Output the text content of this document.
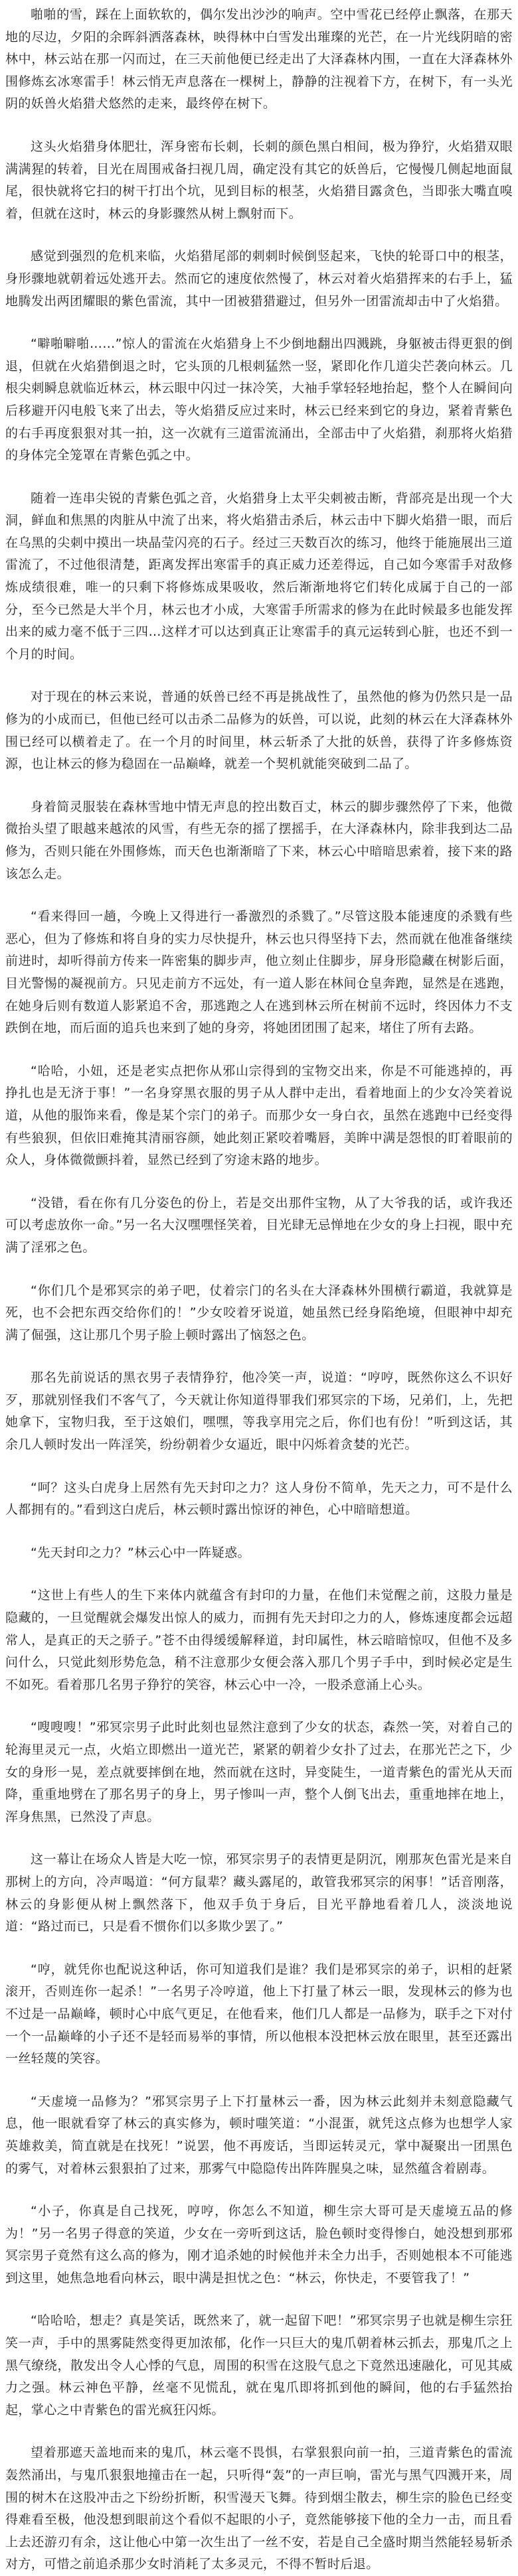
啪啪的雪，踩在上面软软的，偶尔发出沙沙的响声。空中雪花已经停止飘落，在那天地的尽边，夕阳的余晖斜洒落森林，映得林中白雪发出璀璨的光芒，在一片光线阴暗的密林中，林云站在那一闪而过，在三天前他便已经走出了大泽森林内围，一直在大泽森林外围修炼玄冰寒雷手！林云悄无声息落在一棵树上，静静的注视着下方，在树下，有一头光阴的妖兽火焰猎犬悠然的走来，最终停在树下。

这头火焰猎身体肥壮，浑身密布长刺，长刺的颜色黑白相间，极为狰狞，火焰猎双眼满满猩的转着，目光在周围戒备扫视几周，确定没有其它的妖兽后，它慢慢几侧起地面鼠尾，很快就将它扫的树干打出个坑，见到目标的根茎，火焰猎目露贪色，当即张大嘴直嗅着，但就在这时，林云的身影骤然从树上飘射而下。

感觉到强烈的危机来临，火焰猎尾部的刺刺时候倒竖起来，飞快的轮哥口中的根茎，身形骤地就朝着远处逃开去。然而它的速度依然慢了，林云对着火焰猎挥来的右手上，猛地腾发出两团耀眼的紫色雷流，其中一团被猎猎避过，但另外一团雷流却击中了火焰猎。

“噼啪噼啪……”惊人的雷流在火焰猎身上不少倒地翻出四溅跳，身躯被击得更狠的倒退，但就在火焰猎倒退之时，它头顶的几根刺猛然一竖，紧即化作几道尖芒袭向林云。几根尖刺瞬息就临近林云，林云眼中闪过一抹冷笑，大袖手掌轻轻地抬起，整个人在瞬间向后移避开闪电般飞来了出去，等火焰猎反应过来时，林云已经来到它的身边，紧着青紫色的右手再度狠狠对其一拍，这一次就有三道雷流涌出，全部击中了火焰猎，刹那将火焰猎的身体完全笼罩在青紫色弧之中。

随着一连串尖锐的青紫色弧之音，火焰猎身上太平尖刺被击断，背部亮是出现一个大洞，鲜血和焦黑的肉脏从中流了出来，将火焰猎击杀后，林云击中下脚火焰猎一眼，而后在乌黑的尖刺中摸出一块晶莹闪亮的石子。经过三天数百次的练习，他终于能施展出三道雷流了，不过他很清楚，距离发挥出寒雷手的真正威力还差得远，自己如今寒雷手对敌修炼成绩很难，唯一的只剩下将修炼成果吸收，然后渐渐地将它们转化成属于自己的一部分，至今已然是大半个月，林云也才小成，大寒雷手所需求的修为在此时候最多也能发挥出来的威力毫不低于三四…这样才可以达到真正让寒雷手的真元运转到心脏，也还不到一个月的时间。

对于现在的林云来说，普通的妖兽已经不再是挑战性了，虽然他的修为仍然只是一品修为的小成而已，但他已经可以击杀二品修为的妖兽，可以说，此刻的林云在大泽森林外围已经可以横着走了。在一个月的时间里，林云斩杀了大批的妖兽，获得了许多修炼资源，也让林云的修为稳固在一品巅峰，就差一个契机就能突破到二品了。

身着简灵服装在森林雪地中情无声息的控出数百丈，林云的脚步骤然停了下来，他微微抬头望了眼越来越浓的风雪，有些无奈的摇了摆摇手，在大泽森林内，除非我到达二品修为，否则只能在外围修炼，而天色也渐渐暗了下来，林云心中暗暗思索着，接下来的路该怎么走。

“看来得回一趟，今晚上又得进行一番激烈的杀戮了。”尽管这股本能速度的杀戮有些恶心，但为了修炼和将自身的实力尽快提升，林云也只得坚持下去，然而就在他准备继续前进时，却听得前方传来一阵密集的脚步声，他立刻止住脚步，屏身形隐藏在树影后面，目光警惕的凝视前方。只见走前方不远处，有一道人影在林间仓皇奔跑，显然是在逃跑，在她身后则有数道人影紧追不舍，那逃跑之人在逃到林云所在树前不远时，终因体力不支跌倒在地，而后面的追兵也来到了她的身旁，将她团团围了起来，堵住了所有去路。

“哈哈，小妞，还是老实点把你从邪山宗得到的宝物交出来，你是不可能逃掉的，再挣扎也是无济于事！”一名身穿黑衣服的男子从人群中走出，看着地面上的少女冷笑着说道，从他的服饰来看，像是某个宗门的弟子。而那少女一身白衣，虽然在逃跑中已经变得有些狼狈，但依旧难掩其清丽容颜，她此刻正紧咬着嘴唇，美眸中满是怨恨的盯着眼前的众人，身体微微颤抖着，显然已经到了穷途末路的地步。

“没错，看在你有几分姿色的份上，若是交出那件宝物，从了大爷我的话，或许我还可以考虑放你一命。”另一名大汉嘿嘿怪笑着，目光肆无忌惮地在少女的身上扫视，眼中充满了淫邪之色。

“你们几个是邪冥宗的弟子吧，仗着宗门的名头在大泽森林外围横行霸道，我就算是死，也不会把东西交给你们的！”少女咬着牙说道，她虽然已经身陷绝境，但眼神中却充满了倔强，这让那几个男子脸上顿时露出了恼怒之色。

那名先前说话的黑衣男子表情狰狞，他冷笑一声，说道：“哼哼，既然你这么不识好歹，那就别怪我们不客气了，今天就让你知道得罪我们邪冥宗的下场，兄弟们，上，先把她拿下，宝物归我，至于这娘们，嘿嘿，等我享用完之后，你们也有份！”听到这话，其余几人顿时发出一阵淫笑，纷纷朝着少女逼近，眼中闪烁着贪婪的光芒。

“呵？这头白虎身上居然有先天封印之力？这人身份不简单，先天之力，可不是什么人都拥有的。”看到这白虎后，林云顿时露出惊讶的神色，心中暗暗想道。

“先天封印之力？”林云心中一阵疑惑。

“这世上有些人的生下来体内就蕴含有封印的力量，在他们未觉醒之前，这股力量是隐藏的，一旦觉醒就会爆发出惊人的威力，而拥有先天封印之力的人，修炼速度都会远超常人，是真正的天之骄子。”苍不由得缓缓解释道，封印属性，林云暗暗惊叹，但他不及多问什么，只觉此刻形势危急，稍不注意那少女便会落入那几个男子手中，到时候必定是生不如死。看着那几名男子狰狞的笑容，林云心中一冷，一股杀意涌上心头。

“嗖嗖嗖！”邪冥宗男子此时此刻也显然注意到了少女的状态，森然一笑，对着自己的轮海里灵元一点，火焰立即燃出一道光芒，紧紧的朝着少女扑了过去，在那光芒之下，少女的身形一晃，差点就要摔倒在地，然而就在这时，异变陡生，一道青紫色的雷光从天而降，重重地劈在了那名男子的身上，男子惨叫一声，整个人倒飞出去，重重地摔在地上，浑身焦黑，已然没了声息。

这一幕让在场众人皆是大吃一惊，邪冥宗男子的表情更是阴沉，刚那灰色雷光是来自那树上的方向，冷声喝道：“何方鼠辈？藏头露尾的，敢管我邪冥宗的闲事！”话音刚落，林云的身影便从树上飘然落下，他双手负于身后，目光平静地看着几人，淡淡地说道：“路过而已，只是看不惯你们以多欺少罢了。”

“哼，就凭你也配说这种话，你可知道我们是谁？我们是邪冥宗的弟子，识相的赶紧滚开，否则连你一起杀！”一名男子冷哼道，他上下打量了林云一眼，发现林云的修为也不过是一品巅峰，顿时心中底气更足，在他看来，他们几人都是一品修为，联手之下对付一个一品巅峰的小子还不是轻而易举的事情，所以他根本没把林云放在眼里，甚至还露出一丝轻蔑的笑容。

“天虚境一品修为？”邪冥宗男子上下打量林云一番，因为林云此刻并未刻意隐藏气息，他一眼就看穿了林云的真实修为，顿时嗤笑道：“小混蛋，就凭这点修为也想学人家英雄救美，简直就是在找死！”说罢，他不再废话，当即运转灵元，掌中凝聚出一团黑色的雾气，对着林云狠狠拍了过来，那雾气中隐隐传出阵阵腥臭之味，显然蕴含着剧毒。

“小子，你真是自己找死，哼哼，你怎么不知道，柳生宗大哥可是天虚境五品的修为！”另一名男子得意的笑道，少女在一旁听到这话，脸色顿时变得惨白，她没想到那邪冥宗男子竟然有这么高的修为，刚才追杀她的时候他并未全力出手，否则她根本不可能逃到这里，她焦急地看向林云，眼中满是担忧之色：“林云，你快走，不要管我了！”

“哈哈哈，想走？真是笑话，既然来了，就一起留下吧！”邪冥宗男子也就是柳生宗狂笑一声，手中的黑雾陡然变得更加浓郁，化作一只巨大的鬼爪朝着林云抓去，那鬼爪之上黑气缭绕，散发出令人心悸的气息，周围的积雪在这股气息之下竟然迅速融化，可见其威力之强。林云神色平静，丝毫不见慌乱，就在鬼爪即将抓到他的瞬间，他的右手猛然抬起，掌心之中青紫色的雷光疯狂闪烁。

望着那遮天盖地而来的鬼爪，林云毫不畏惧，右掌狠狠向前一拍，三道青紫色的雷流轰然涌出，与鬼爪狠狠地撞击在一起，只听得“轰”的一声巨响，雷光与黑气四溅开来，周围的树木在这股冲击之下纷纷折断，积雪漫天飞舞。待到烟尘散去，柳生宗的脸色已经变得难看至极，他没想到眼前这个看似不起眼的小子，竟然能够接下他的全力一击，而且看上去还游刃有余，这让他心中第一次生出了一丝不安，若是自己全盛时期当然能轻易斩杀对方，可惜之前追杀那少女时消耗了太多灵元，不得不暂时后退。
